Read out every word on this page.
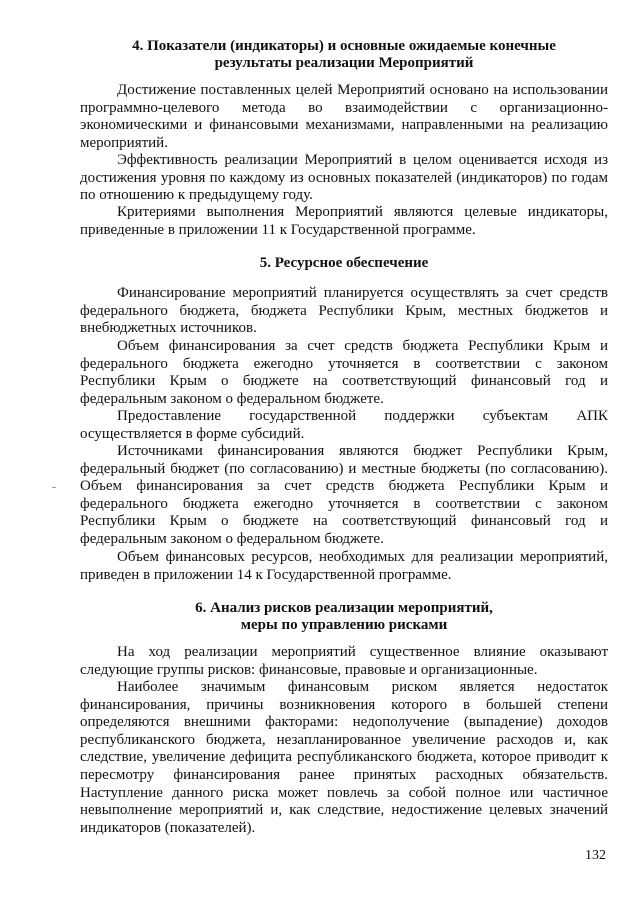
4. Показатели (индикаторы) и основные ожидаемые конечные
результаты реализации Мероприятий
Достижение поставленных целей Мероприятий основано на использовании
программно-целевого метода во взаимодействии с организационно-
экономическими и финансовыми механизмами, направленными на реализацию
мероприятий.
Эффективность реализации Мероприятий в целом оценивается исходя из
достижения уровня по каждому из основных показателей (индикаторов) по годам
по отношению к предыдущему году.
Критериями выполнения Мероприятий являются целевые индикаторы,
приведенные в приложении 11 к Государственной программе.
5. Ресурсное обеспечение
Финансирование мероприятий планируется осуществлять за счет средств
федерального бюджета, бюджета Республики Крым, местных бюджетов и
внебюджетных источников.
Объем финансирования за счет средств бюджета Республики Крым и
федерального бюджета ежегодно уточняется в соответствии с законом
Республики Крым о бюджете на соответствующий финансовый год и
федеральным законом о федеральном бюджете.
Предоставление государственной поддержки субъектам АПК
осуществляется в форме субсидий.
Источниками финансирования являются бюджет Республики Крым,
федеральный бюджет (по согласованию) и местные бюджеты (по согласованию).
Объем финансирования за счет средств бюджета Республики Крым и
федерального бюджета ежегодно уточняется в соответствии с законом
Республики Крым о бюджете на соответствующий финансовый год и
федеральным законом о федеральном бюджете.
Объем финансовых ресурсов, необходимых для реализации мероприятий,
приведен в приложении 14 к Государственной программе.
6. Анализ рисков реализации мероприятий,
меры по управлению рисками
На ход реализации мероприятий существенное влияние оказывают
следующие группы рисков: финансовые, правовые и организационные.
Наиболее значимым финансовым риском является недостаток
финансирования, причины возникновения которого в большей степени
определяются внешними факторами: недополучение (выпадение) доходов
республиканского бюджета, незапланированное увеличение расходов и, как
следствие, увеличение дефицита республиканского бюджета, которое приводит к
пересмотру финансирования ранее принятых расходных обязательств.
Наступление данного риска может повлечь за собой полное или частичное
невыполнение мероприятий и, как следствие, недостижение целевых значений
индикаторов (показателей).
132
